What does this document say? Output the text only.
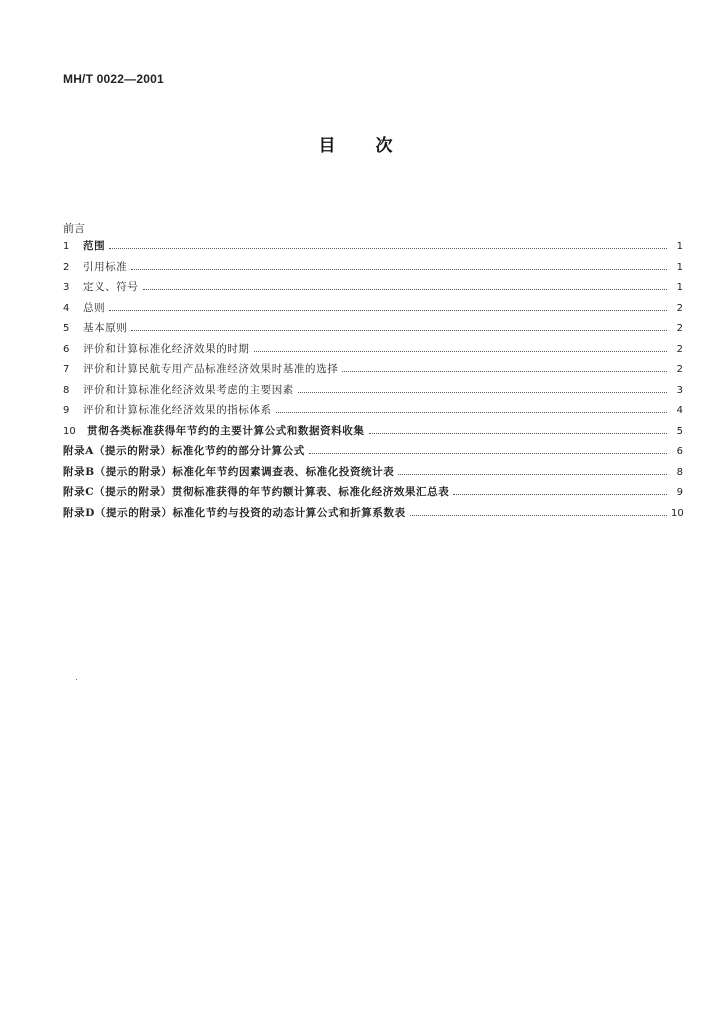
MH/T 0022—2001
目 次
前言
1	范围	1
2	引用标准	1
3	定义、符号	1
4	总则	2
5	基本原则	2
6	评价和计算标准化经济效果的时期	2
7	评价和计算民航专用产品标准经济效果时基准的选择	2
8	评价和计算标准化经济效果考虑的主要因素	3
9	评价和计算标准化经济效果的指标体系	4
10	贯彻各类标准获得年节约的主要计算公式和数据资料收集	5
附录A（提示的附录）标准化节约的部分计算公式	6
附录B（提示的附录）标准化年节约因素调查表、标准化投资统计表	8
附录C（提示的附录）贯彻标准获得的年节约额计算表、标准化经济效果汇总表	9
附录D（提示的附录）标准化节约与投资的动态计算公式和折算系数表	10
